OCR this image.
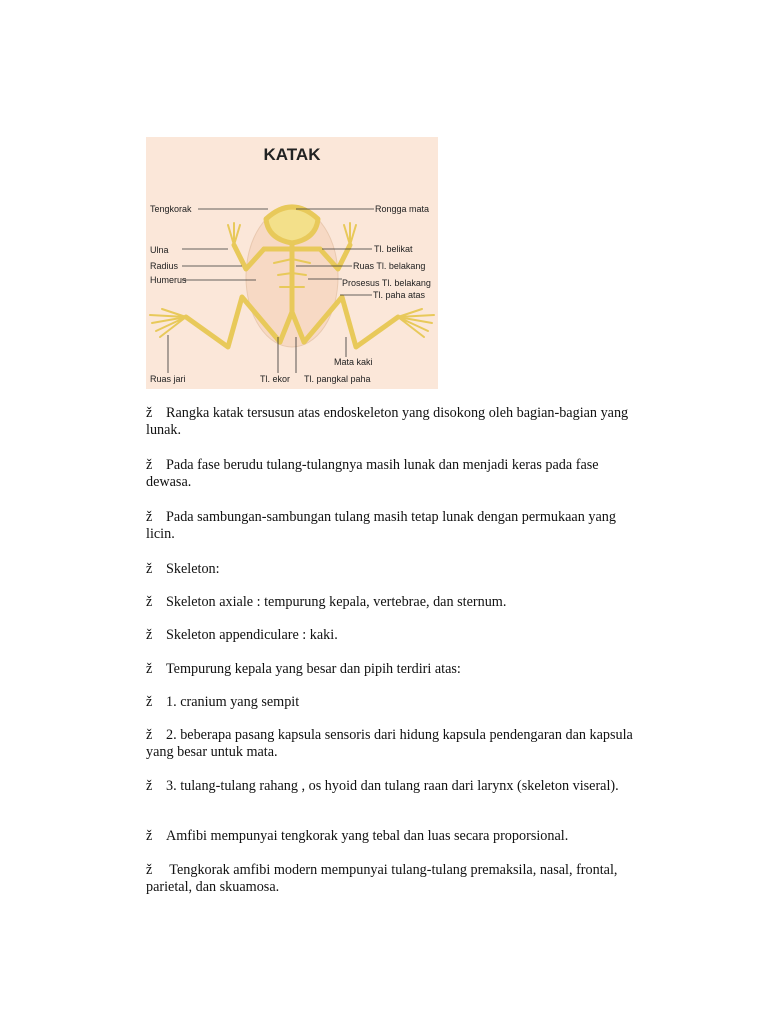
KATAK
Tengkorak	Rongga mata
Ulna
Radius
Humerus
Tl. belikat
Ruas Tl. belakang
Prosesus Tl. belakang
Tl. paha atas
Mata kaki
Ruas jari	Tl. ekor Tl. pangkal paha

ž Rangka katak tersusun atas endoskeleton yang disokong oleh bagian-bagian yang lunak.

ž Pada fase berudu tulang-tulangnya masih lunak dan menjadi keras pada fase dewasa.

ž Pada sambungan-sambungan tulang masih tetap lunak dengan permukaan yang licin.

ž Skeleton:

ž Skeleton axiale : tempurung kepala, vertebrae, dan sternum.

ž Skeleton appendiculare : kaki.

ž Tempurung kepala yang besar dan pipih terdiri atas:

ž 1. cranium yang sempit

ž 2. beberapa pasang kapsula sensoris dari hidung kapsula pendengaran dan kapsula yang besar untuk mata.

ž 3. tulang-tulang rahang , os hyoid dan tulang raan dari larynx (skeleton viseral).

ž Amfibi mempunyai tengkorak yang tebal dan luas secara proporsional.

ž Tengkorak amfibi modern mempunyai tulang-tulang premaksila, nasal, frontal, parietal, dan skuamosa.
